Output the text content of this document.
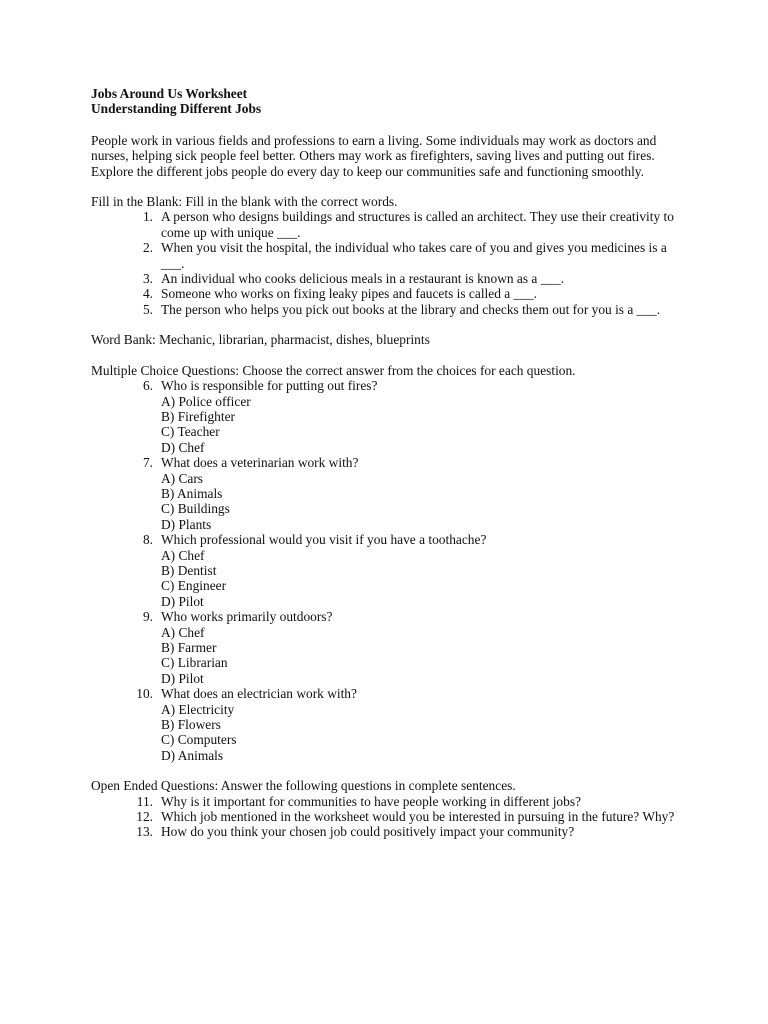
Jobs Around Us Worksheet

Understanding Different Jobs

People work in various fields and professions to earn a living. Some individuals may work as doctors and nurses, helping sick people feel better. Others may work as firefighters, saving lives and putting out fires. Explore the different jobs people do every day to keep our communities safe and functioning smoothly.

Fill in the Blank: Fill in the blank with the correct words.

1. A person who designs buildings and structures is called an architect. They use their creativity to come up with unique ___.
2. When you visit the hospital, the individual who takes care of you and gives you medicines is a ___.
3. An individual who cooks delicious meals in a restaurant is known as a ___.
4. Someone who works on fixing leaky pipes and faucets is called a ___.
5. The person who helps you pick out books at the library and checks them out for you is a ___.

Word Bank: Mechanic, librarian, pharmacist, dishes, blueprints

Multiple Choice Questions: Choose the correct answer from the choices for each question.

6. Who is responsible for putting out fires?
A) Police officer
B) Firefighter
C) Teacher
D) Chef
7. What does a veterinarian work with?
A) Cars
B) Animals
C) Buildings
D) Plants
8. Which professional would you visit if you have a toothache?
A) Chef
B) Dentist
C) Engineer
D) Pilot
9. Who works primarily outdoors?
A) Chef
B) Farmer
C) Librarian
D) Pilot
10. What does an electrician work with?
A) Electricity
B) Flowers
C) Computers
D) Animals

Open Ended Questions: Answer the following questions in complete sentences.

11. Why is it important for communities to have people working in different jobs?
12. Which job mentioned in the worksheet would you be interested in pursuing in the future? Why?
13. How do you think your chosen job could positively impact your community?
